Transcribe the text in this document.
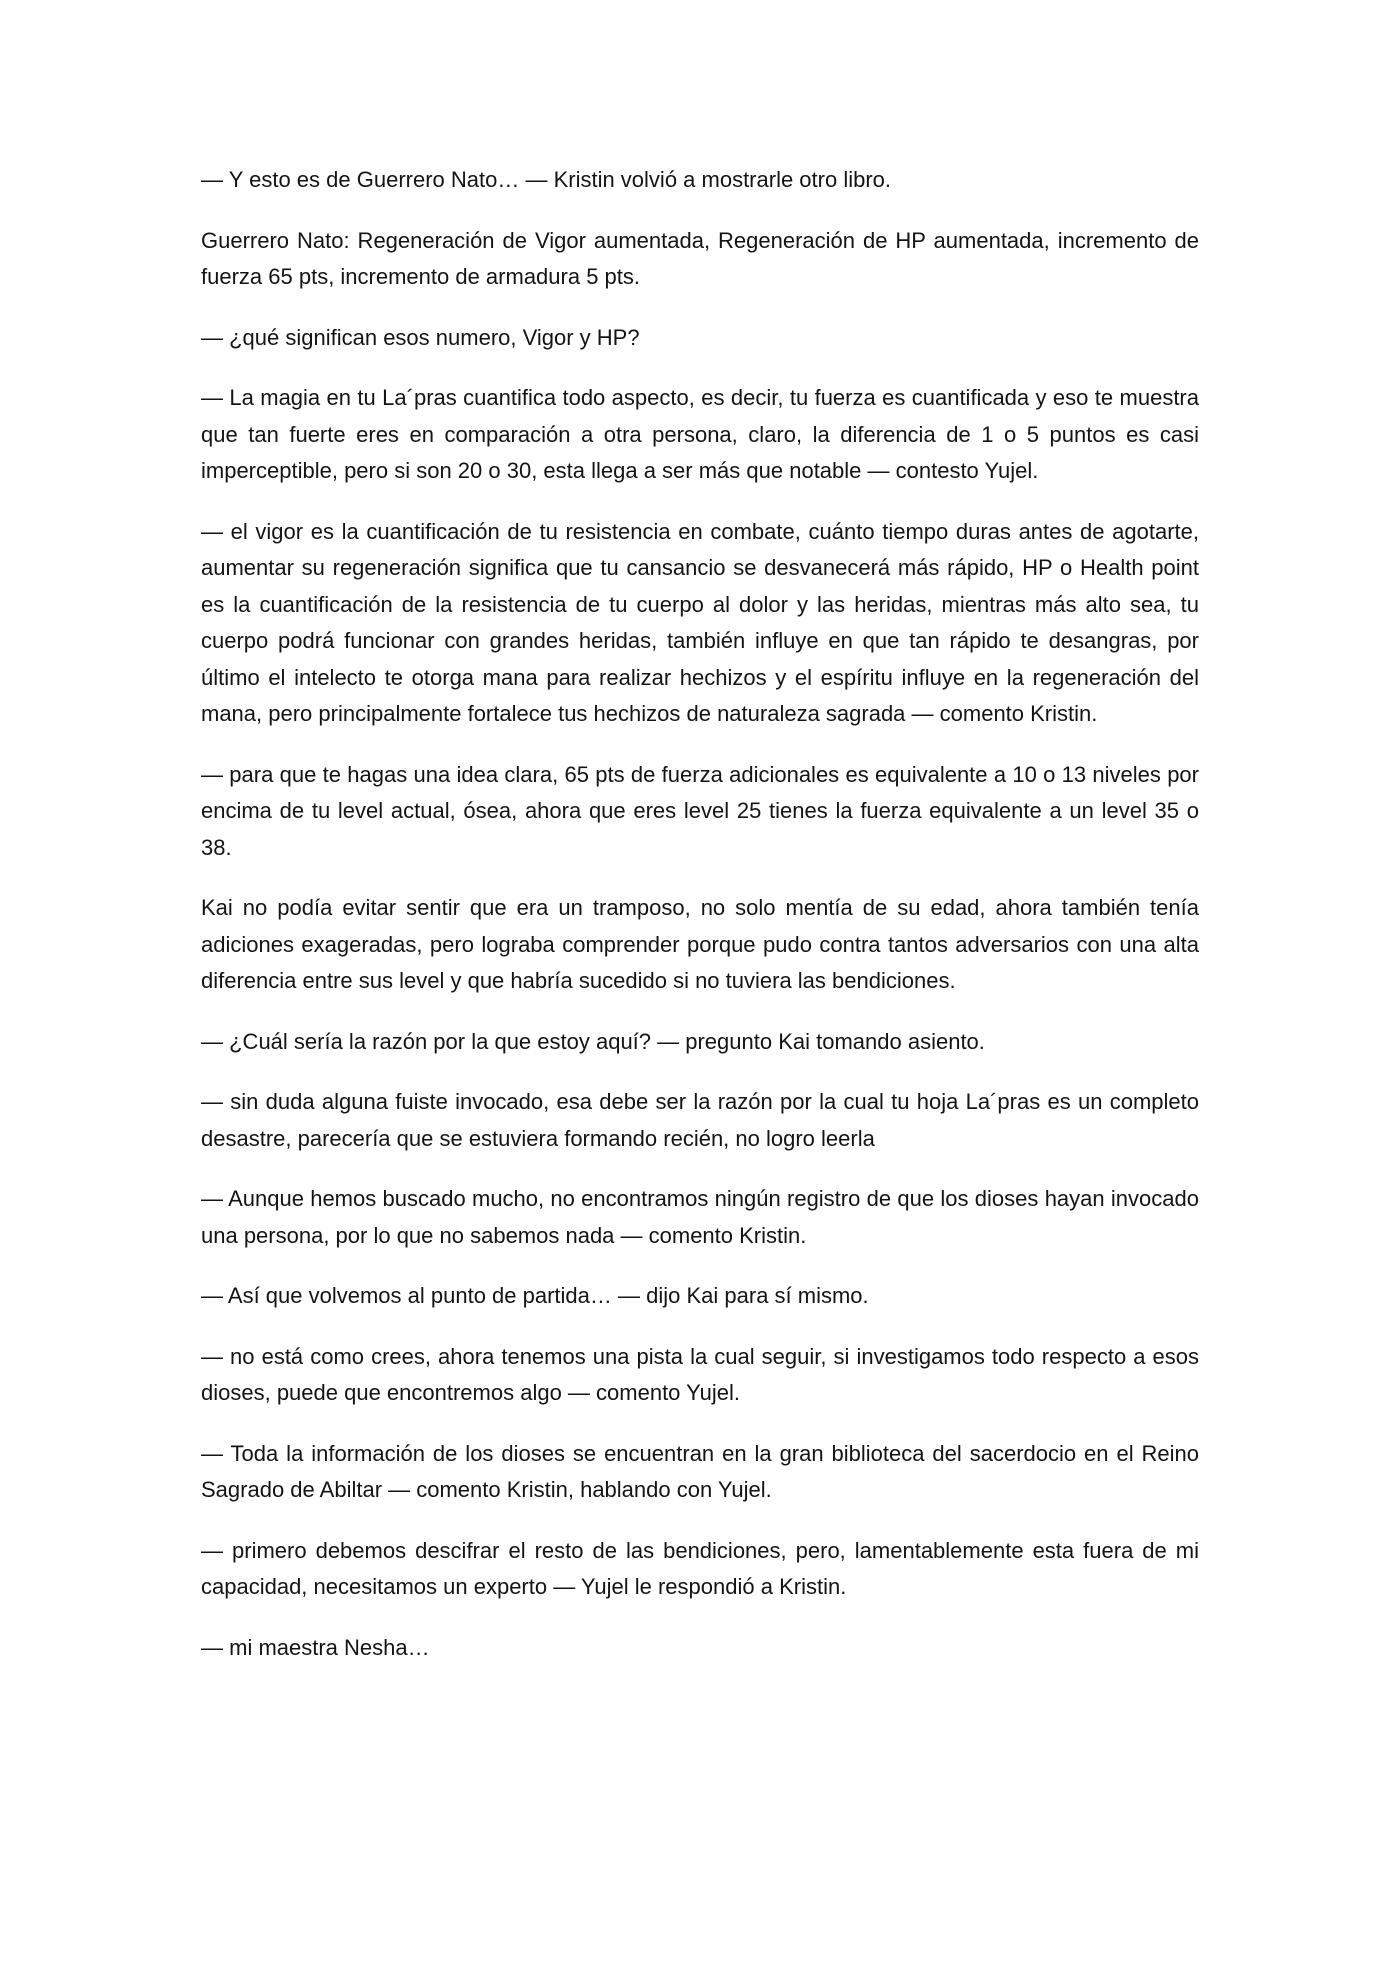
— Y esto es de Guerrero Nato… — Kristin volvió a mostrarle otro libro.

Guerrero Nato: Regeneración de Vigor aumentada, Regeneración de HP aumentada, incremento de fuerza 65 pts, incremento de armadura 5 pts.

— ¿qué significan esos numero, Vigor y HP?

— La magia en tu La´pras cuantifica todo aspecto, es decir, tu fuerza es cuantificada y eso te muestra que tan fuerte eres en comparación a otra persona, claro, la diferencia de 1 o 5 puntos es casi imperceptible, pero si son 20 o 30, esta llega a ser más que notable — contesto Yujel.

— el vigor es la cuantificación de tu resistencia en combate, cuánto tiempo duras antes de agotarte, aumentar su regeneración significa que tu cansancio se desvanecerá más rápido, HP o Health point es la cuantificación de la resistencia de tu cuerpo al dolor y las heridas, mientras más alto sea, tu cuerpo podrá funcionar con grandes heridas, también influye en que tan rápido te desangras, por último el intelecto te otorga mana para realizar hechizos y el espíritu influye en la regeneración del mana, pero principalmente fortalece tus hechizos de naturaleza sagrada — comento Kristin.

— para que te hagas una idea clara, 65 pts de fuerza adicionales es equivalente a 10 o 13 niveles por encima de tu level actual, ósea, ahora que eres level 25 tienes la fuerza equivalente a un level 35 o 38.

Kai no podía evitar sentir que era un tramposo, no solo mentía de su edad, ahora también tenía adiciones exageradas, pero lograba comprender porque pudo contra tantos adversarios con una alta diferencia entre sus level y que habría sucedido si no tuviera las bendiciones.

— ¿Cuál sería la razón por la que estoy aquí? — pregunto Kai tomando asiento.

— sin duda alguna fuiste invocado, esa debe ser la razón por la cual tu hoja La´pras es un completo desastre, parecería que se estuviera formando recién, no logro leerla

— Aunque hemos buscado mucho, no encontramos ningún registro de que los dioses hayan invocado una persona, por lo que no sabemos nada — comento Kristin.

— Así que volvemos al punto de partida… — dijo Kai para sí mismo.

— no está como crees, ahora tenemos una pista la cual seguir, si investigamos todo respecto a esos dioses, puede que encontremos algo — comento Yujel.

— Toda la información de los dioses se encuentran en la gran biblioteca del sacerdocio en el Reino Sagrado de Abiltar — comento Kristin, hablando con Yujel.

— primero debemos descifrar el resto de las bendiciones, pero, lamentablemente esta fuera de mi capacidad, necesitamos un experto — Yujel le respondió a Kristin.

— mi maestra Nesha…
